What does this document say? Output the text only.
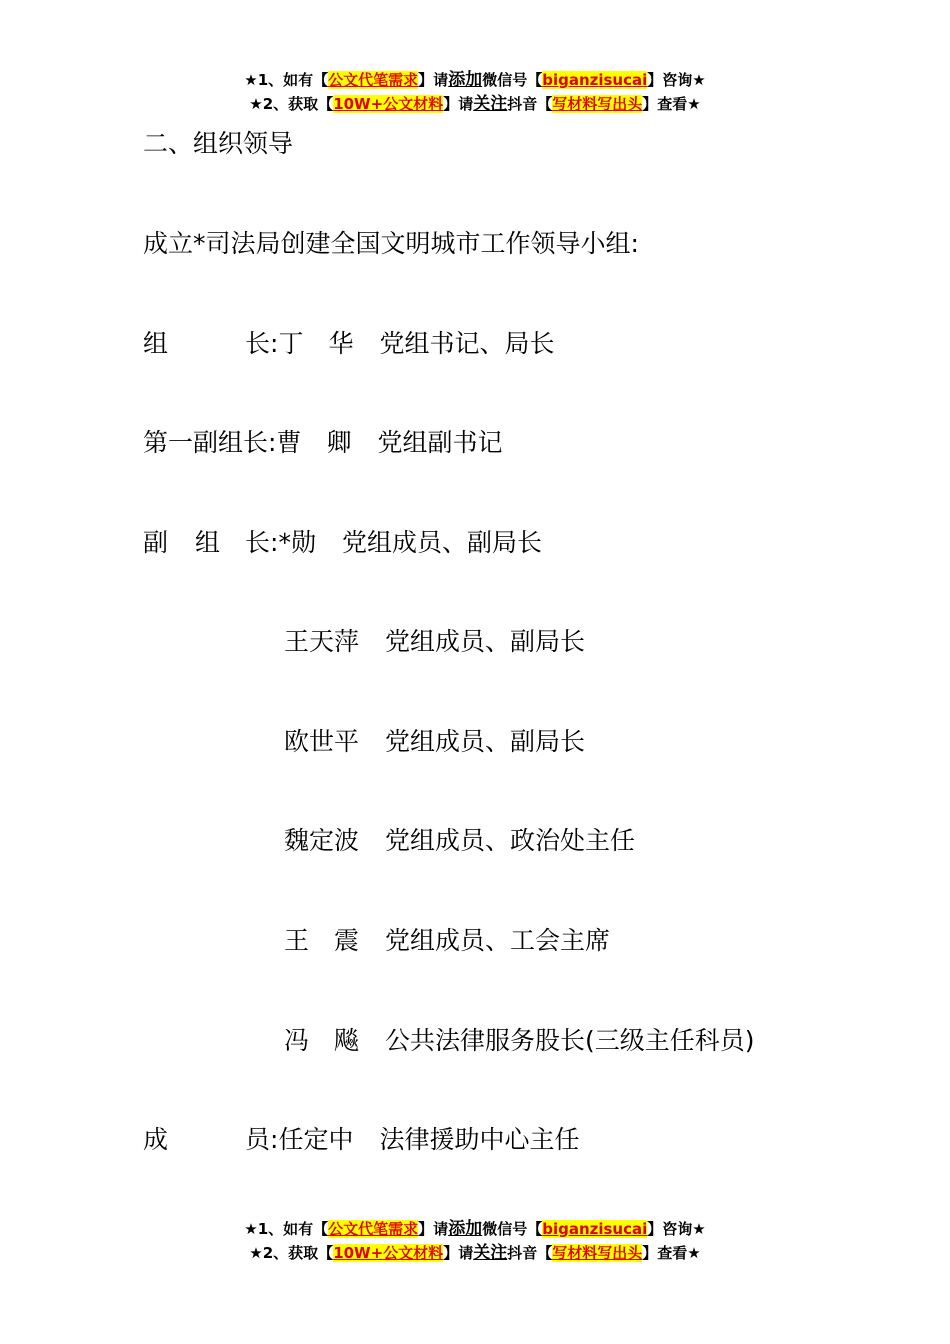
★1、如有【公文代笔需求】请添加微信号【biganzisucai】咨询★
★2、获取【10W+公文材料】请关注抖音【写材料写出头】查看★
二、组织领导
成立*司法局创建全国文明城市工作领导小组:
组	长:丁　华 党组书记、局长
第一副组长:曹　卿 党组副书记
副 组 长:*勋 党组成员、副局长
王天萍 党组成员、副局长
欧世平 党组成员、副局长
魏定波 党组成员、政治处主任
王　震 党组成员、工会主席
冯　飚 公共法律服务股长(三级主任科员)
成	员:任定中 法律援助中心主任
★1、如有【公文代笔需求】请添加微信号【biganzisucai】咨询★
★2、获取【10W+公文材料】请关注抖音【写材料写出头】查看★
